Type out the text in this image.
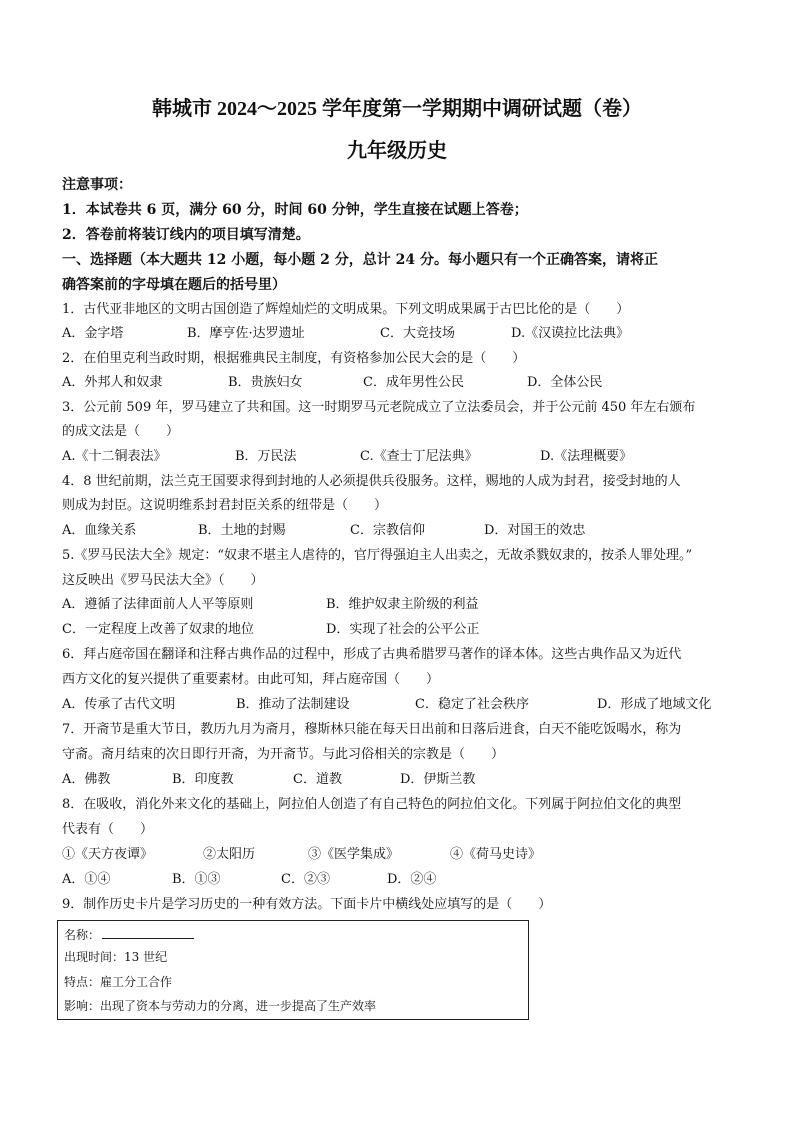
韩城市 2024～2025 学年度第一学期期中调研试题（卷）
九年级历史
注意事项：
1．本试卷共 6 页，满分 60 分，时间 60 分钟，学生直接在试题上答卷；
2．答卷前将装订线内的项目填写清楚。
一、选择题（本大题共 12 小题，每小题 2 分，总计 24 分。每小题只有一个正确答案，请将正
确答案前的字母填在题后的括号里）
1．古代亚非地区的文明古国创造了辉煌灿烂的文明成果。下列文明成果属于古巴比伦的是（　　）
A．金字塔	B．摩亨佐·达罗遗址	C．大竞技场	D.《汉谟拉比法典》
2．在伯里克利当政时期，根据雅典民主制度，有资格参加公民大会的是（　　）
A．外邦人和奴隶	B．贵族妇女	C．成年男性公民	D．全体公民
3．公元前 509 年，罗马建立了共和国。这一时期罗马元老院成立了立法委员会，并于公元前 450 年左右颁布
的成文法是（　　）
A.《十二铜表法》	B．万民法	C.《查士丁尼法典》	D.《法理概要》
4．8 世纪前期，法兰克王国要求得到封地的人必须提供兵役服务。这样，赐地的人成为封君，接受封地的人
则成为封臣。这说明维系封君封臣关系的纽带是（　　）
A．血缘关系	B．土地的封赐	C．宗教信仰	D．对国王的效忠
5.《罗马民法大全》规定：“奴隶不堪主人虐待的，官厅得强迫主人出卖之，无故杀戮奴隶的，按杀人罪处理。”
这反映出《罗马民法大全》（　　）
A．遵循了法律面前人人平等原则	B．维护奴隶主阶级的利益
C．一定程度上改善了奴隶的地位	D．实现了社会的公平公正
6．拜占庭帝国在翻译和注释古典作品的过程中，形成了古典希腊罗马著作的译本体。这些古典作品又为近代
西方文化的复兴提供了重要素材。由此可知，拜占庭帝国（　　）
A．传承了古代文明	B．推动了法制建设	C．稳定了社会秩序	D．形成了地域文化
7．开斋节是重大节日，教历九月为斋月，穆斯林只能在每天日出前和日落后进食，白天不能吃饭喝水，称为
守斋。斋月结束的次日即行开斋，为开斋节。与此习俗相关的宗教是（　　）
A．佛教	B．印度教	C．道教	D．伊斯兰教
8．在吸收，消化外来文化的基础上，阿拉伯人创造了有自己特色的阿拉伯文化。下列属于阿拉伯文化的典型
代表有（　　）
①《天方夜谭》	②太阳历	③《医学集成》	④《荷马史诗》
A．①④	B．①③	C．②③	D．②④
9．制作历史卡片是学习历史的一种有效方法。下面卡片中横线处应填写的是（　　）
名称：
出现时间：13 世纪
特点：雇工分工合作
影响：出现了资本与劳动力的分离，进一步提高了生产效率
